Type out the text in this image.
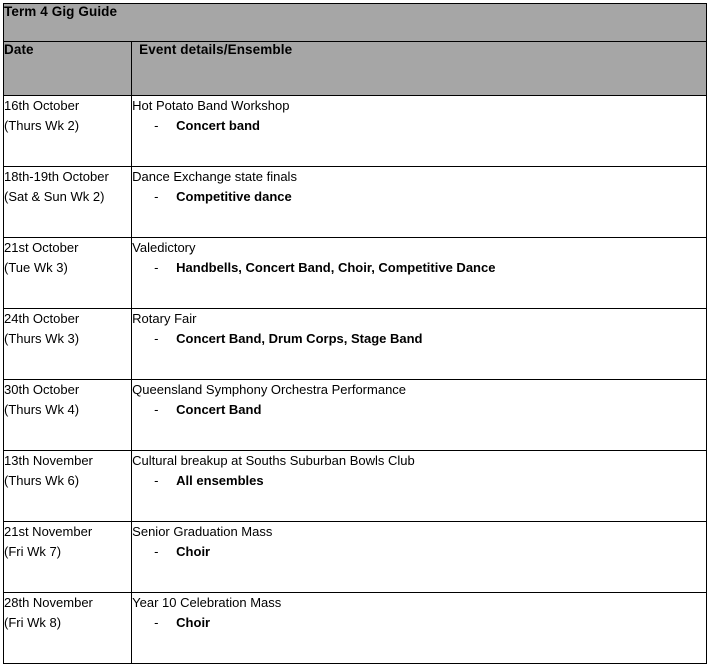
Term 4 Gig Guide	
Date	Event details/Ensemble

16th October
(Thurs Wk 2)	Hot Potato Band Workshop
- Concert band

18th-19th October
(Sat & Sun Wk 2)	Dance Exchange state finals
- Competitive dance

21st October
(Tue Wk 3)	Valedictory
- Handbells, Concert Band, Choir, Competitive Dance

24th October
(Thurs Wk 3)	Rotary Fair
- Concert Band, Drum Corps, Stage Band

30th October
(Thurs Wk 4)	Queensland Symphony Orchestra Performance
- Concert Band

13th November
(Thurs Wk 6)	Cultural breakup at Souths Suburban Bowls Club
- All ensembles

21st November
(Fri Wk 7)	Senior Graduation Mass
- Choir

28th November
(Fri Wk 8)	Year 10 Celebration Mass
- Choir
